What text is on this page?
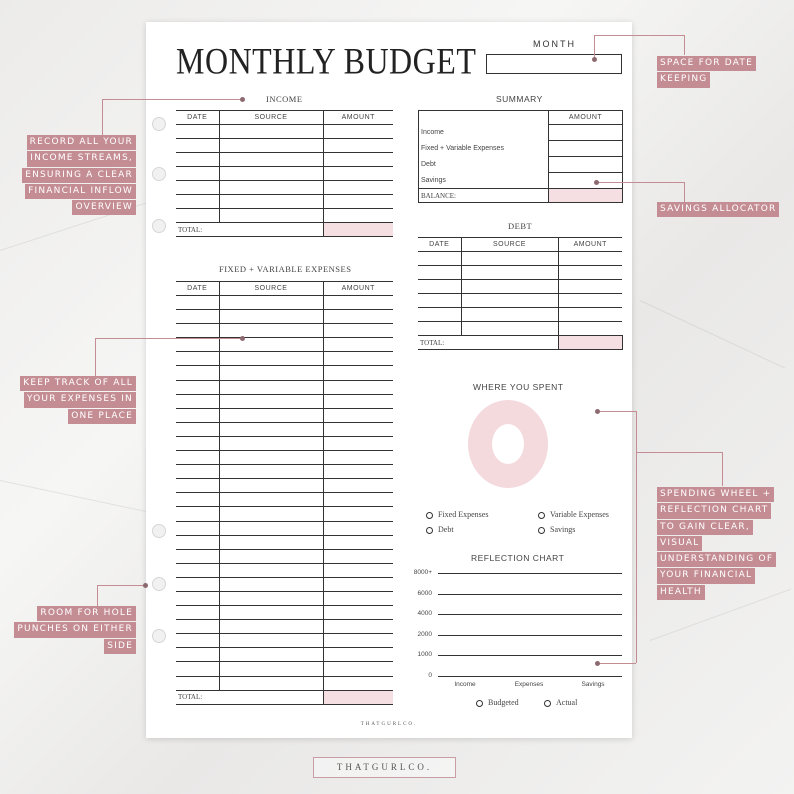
MONTHLY BUDGET	MONTH
INCOME
DATE	SOURCE	AMOUNT

TOTAL:		
SUMMARY
	AMOUNT
Income	
Fixed + Variable Expenses	
Debt	
Savings	
BALANCE:	
DEBT
DATE	SOURCE	AMOUNT

TOTAL:		
FIXED + VARIABLE EXPENSES
DATE	SOURCE	AMOUNT

TOTAL:		
WHERE YOU SPENT
Fixed Expenses	Variable Expenses
Debt	Savings
REFLECTION CHART
8000+
6000
4000
2000
1000
0
Income	Expenses	Savings
Budgeted	Actual
THATGURLCO.
THATGURLCO.
SPACE FOR DATE
KEEPING

RECORD ALL YOUR
INCOME STREAMS,
ENSURING A CLEAR
FINANCIAL INFLOW
OVERVIEW	SAVINGS ALLOCATOR

KEEP TRACK OF ALL
YOUR EXPENSES IN
ONE PLACE

SPENDING WHEEL +
REFLECTION CHART
TO GAIN CLEAR,
VISUAL
UNDERSTANDING OF
YOUR FINANCIAL
HEALTH

ROOM FOR HOLE
PUNCHES ON EITHER
SIDE
